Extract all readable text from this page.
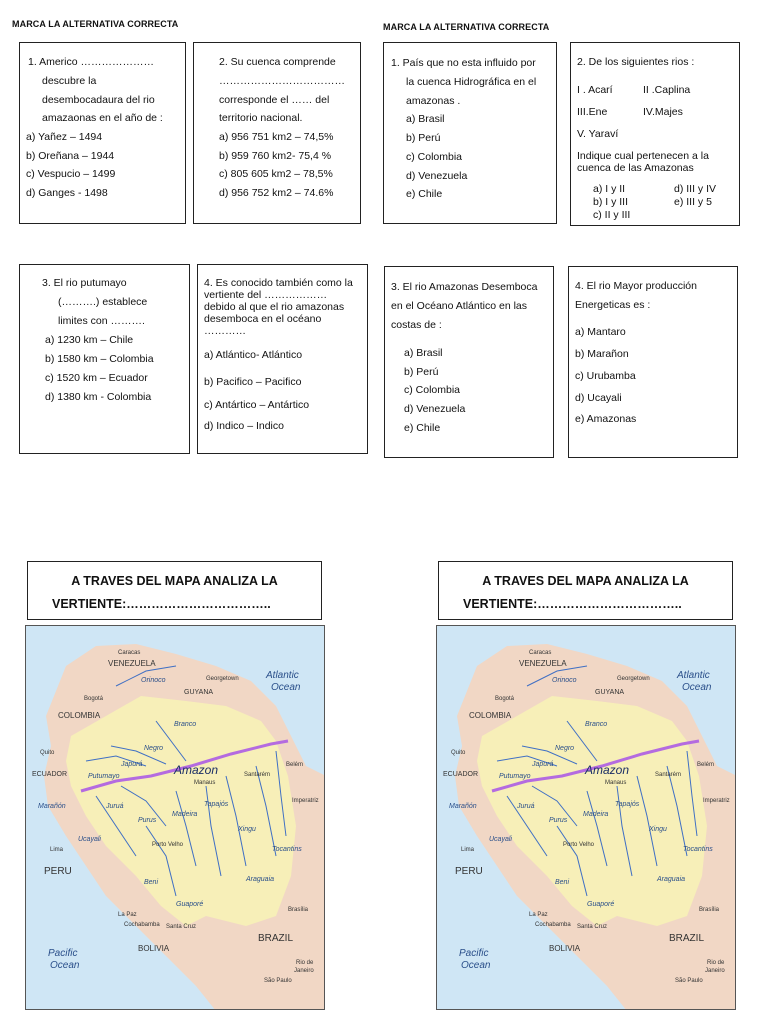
MARCA LA ALTERNATIVA CORRECTA	MARCA LA ALTERNATIVA CORRECTA
1. Americo …………………
descubre la
desembocadaura del rio
amazaonas en el año de :
a) Yañez – 1494
b) Oreñana – 1944
c) Vespucio – 1499
d) Ganges - 1498
2. Su cuenca comprende
………………………………
corresponde el …… del
territorio nacional.
a) 956 751 km2 – 74,5%
b) 959 760 km2- 75,4 %
c) 805 605 km2 – 78,5%
d) 956 752 km2 – 74.6%
1. País que no esta influido por
la cuenca Hidrográfica en el
amazonas .
a) Brasil
b) Perú
c) Colombia
d) Venezuela
e) Chile
2. De los siguientes rios :
I . Acarí	II .Caplina
III.Ene	IV.Majes
V. Yaraví
Indique cual pertenecen a la
cuenca de las Amazonas
a) I y II	d) III y IV
b) I y III	e) III y 5
c) II y III
3. El rio putumayo
(……….) establece
limites con ……….
a) 1230 km – Chile
b) 1580 km – Colombia
c) 1520 km – Ecuador
d) 1380 km - Colombia
4. Es conocido también como la
vertiente del ………………
debido al que el rio amazonas
desemboca en el océano
…………
a) Atlántico- Atlántico
b) Pacifico – Pacifico
c) Antártico – Antártico
d) Indico – Indico
3. El rio Amazonas Desemboca
en el Océano Atlántico en las
costas de :
a) Brasil
b) Perú
c) Colombia
d) Venezuela
e) Chile
4. El rio Mayor producción
Energeticas es :
a) Mantaro
b) Marañon
c) Urubamba
d) Ucayali
e) Amazonas
A TRAVES DEL MAPA ANALIZA LA
VERTIENTE:……………………………..
A TRAVES DEL MAPA ANALIZA LA
VERTIENTE:……………………………..
VENEZUELA
COLOMBIA
PERU
BOLIVIA
BRAZIL
ECUADOR
GUYANA
Atlantic
Ocean
Pacific
Ocean
Amazon
Orinoco
Negro
Japurá
Putumayo
Marañón	Juruá
Purus
Madeira
Tapajós
Xingu
Tocantins
Araguaia
Ucayali
Beni
Guaporé
Branco
Caracas
Bogotá
Georgetown
Belém
Santarém
Manaus
Imperatriz
Porto Velho
Lima
La Paz
Santa Cruz
Cochabamba
Brasília
Rio de
Janeiro
São Paulo
Quito
VENEZUELA
COLOMBIA
PERU
BOLIVIA
BRAZIL
ECUADOR
GUYANA
Atlantic
Ocean
Pacific
Ocean
Amazon
Orinoco
Negro
Japurá
Putumayo
Marañón	Juruá
Purus
Madeira
Tapajós
Xingu
Tocantins
Araguaia
Ucayali
Beni
Guaporé
Branco
Caracas
Bogotá
Georgetown
Belém
Santarém
Manaus
Imperatriz
Porto Velho
Lima
La Paz
Santa Cruz
Cochabamba
Brasília
Rio de
Janeiro
São Paulo
Quito
